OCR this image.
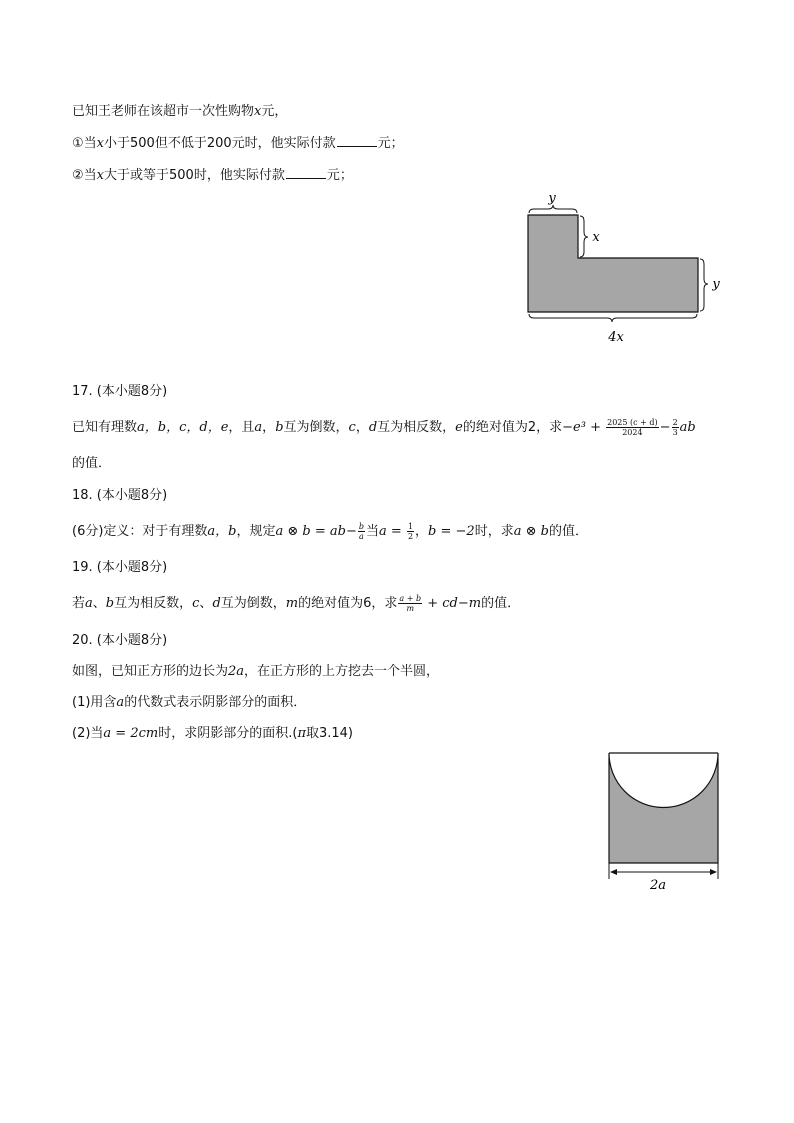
已知王老师在该超市一次性购物x元，
①当x小于500但不低于200元时，他实际付款	元；
②当x大于或等于500时，他实际付款	元；
y
x
y
4x
17. (本小题8分)
已知有理数a，b，c，d，e，且a，b互为倒数，c，d互为相反数，e的绝对值为2，求$-e^3 + \frac{2025 (c + d)}{2024} - \frac{2}{3}$ ab
的值．
18. (本小题8分)
(6分)定义：对于有理数a，b，规定a ⊗ $b = ab- \frac{b}{a}$ 当$a = \frac{1}{2}$ ，b = −2时，求a ⊗ b的值．
19. (本小题8分)
若a、b互为相反数，c、d互为倒数，m的绝对值为6，求 $\frac{a + b}{m} + cd-m$的值．
20. (本小题8分)
如图，已知正方形的边长为2a，在正方形的上方挖去一个半圆，
(1)用含a的代数式表示阴影部分的面积．
(2)当a = 2cm时，求阴影部分的面积.(π取3.14)
2a
